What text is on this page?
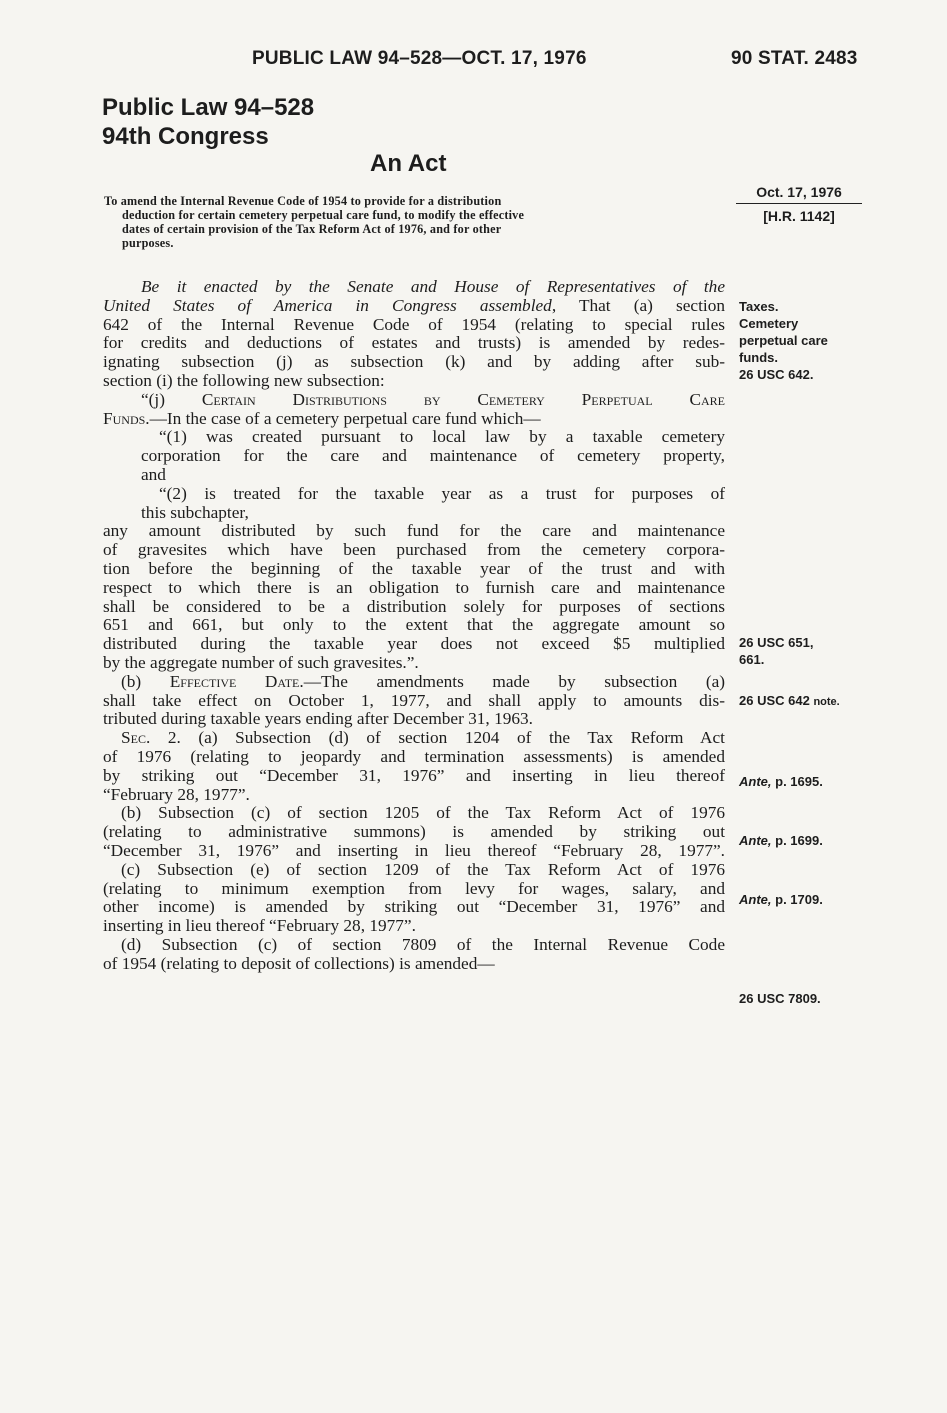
PUBLIC LAW 94–528—OCT. 17, 1976	90 STAT. 2483
Public Law 94–528
94th Congress
An Act
To amend the Internal Revenue Code of 1954 to provide for a distribution
deduction for certain cemetery perpetual care fund, to modify the effective
dates of certain provision of the Tax Reform Act of 1976, and for other
purposes.
Oct. 17, 1976
[H.R. 1142]
Taxes.
Cemetery
perpetual care
funds.
26 USC 642.
26 USC 651,
661.
26 USC 642 note.
Ante, p. 1695.
Ante, p. 1699.
Ante, p. 1709.
26 USC 7809.
Be it enacted by the Senate and House of Representatives of the
United States of America in Congress assembled, That (a) section
642 of the Internal Revenue Code of 1954 (relating to special rules
for credits and deductions of estates and trusts) is amended by redes-
ignating subsection (j) as subsection (k) and by adding after sub-
section (i) the following new subsection:
“(j) Certain Distributions by Cemetery Perpetual Care
Funds.—In the case of a cemetery perpetual care fund which—
“(1) was created pursuant to local law by a taxable cemetery
corporation for the care and maintenance of cemetery property,
and
“(2) is treated for the taxable year as a trust for purposes of
this subchapter,
any amount distributed by such fund for the care and maintenance
of gravesites which have been purchased from the cemetery corpora-
tion before the beginning of the taxable year of the trust and with
respect to which there is an obligation to furnish care and maintenance
shall be considered to be a distribution solely for purposes of sections
651 and 661, but only to the extent that the aggregate amount so
distributed during the taxable year does not exceed $5 multiplied
by the aggregate number of such gravesites.”.
(b) Effective Date.—The amendments made by subsection (a)
shall take effect on October 1, 1977, and shall apply to amounts dis-
tributed during taxable years ending after December 31, 1963.
Sec. 2. (a) Subsection (d) of section 1204 of the Tax Reform Act
of 1976 (relating to jeopardy and termination assessments) is amended
by striking out “December 31, 1976” and inserting in lieu thereof
“February 28, 1977”.
(b) Subsection (c) of section 1205 of the Tax Reform Act of 1976
(relating to administrative summons) is amended by striking out
“December 31, 1976” and inserting in lieu thereof “February 28, 1977”.
(c) Subsection (e) of section 1209 of the Tax Reform Act of 1976
(relating to minimum exemption from levy for wages, salary, and
other income) is amended by striking out “December 31, 1976” and
inserting in lieu thereof “February 28, 1977”.
(d) Subsection (c) of section 7809 of the Internal Revenue Code
of 1954 (relating to deposit of collections) is amended—
